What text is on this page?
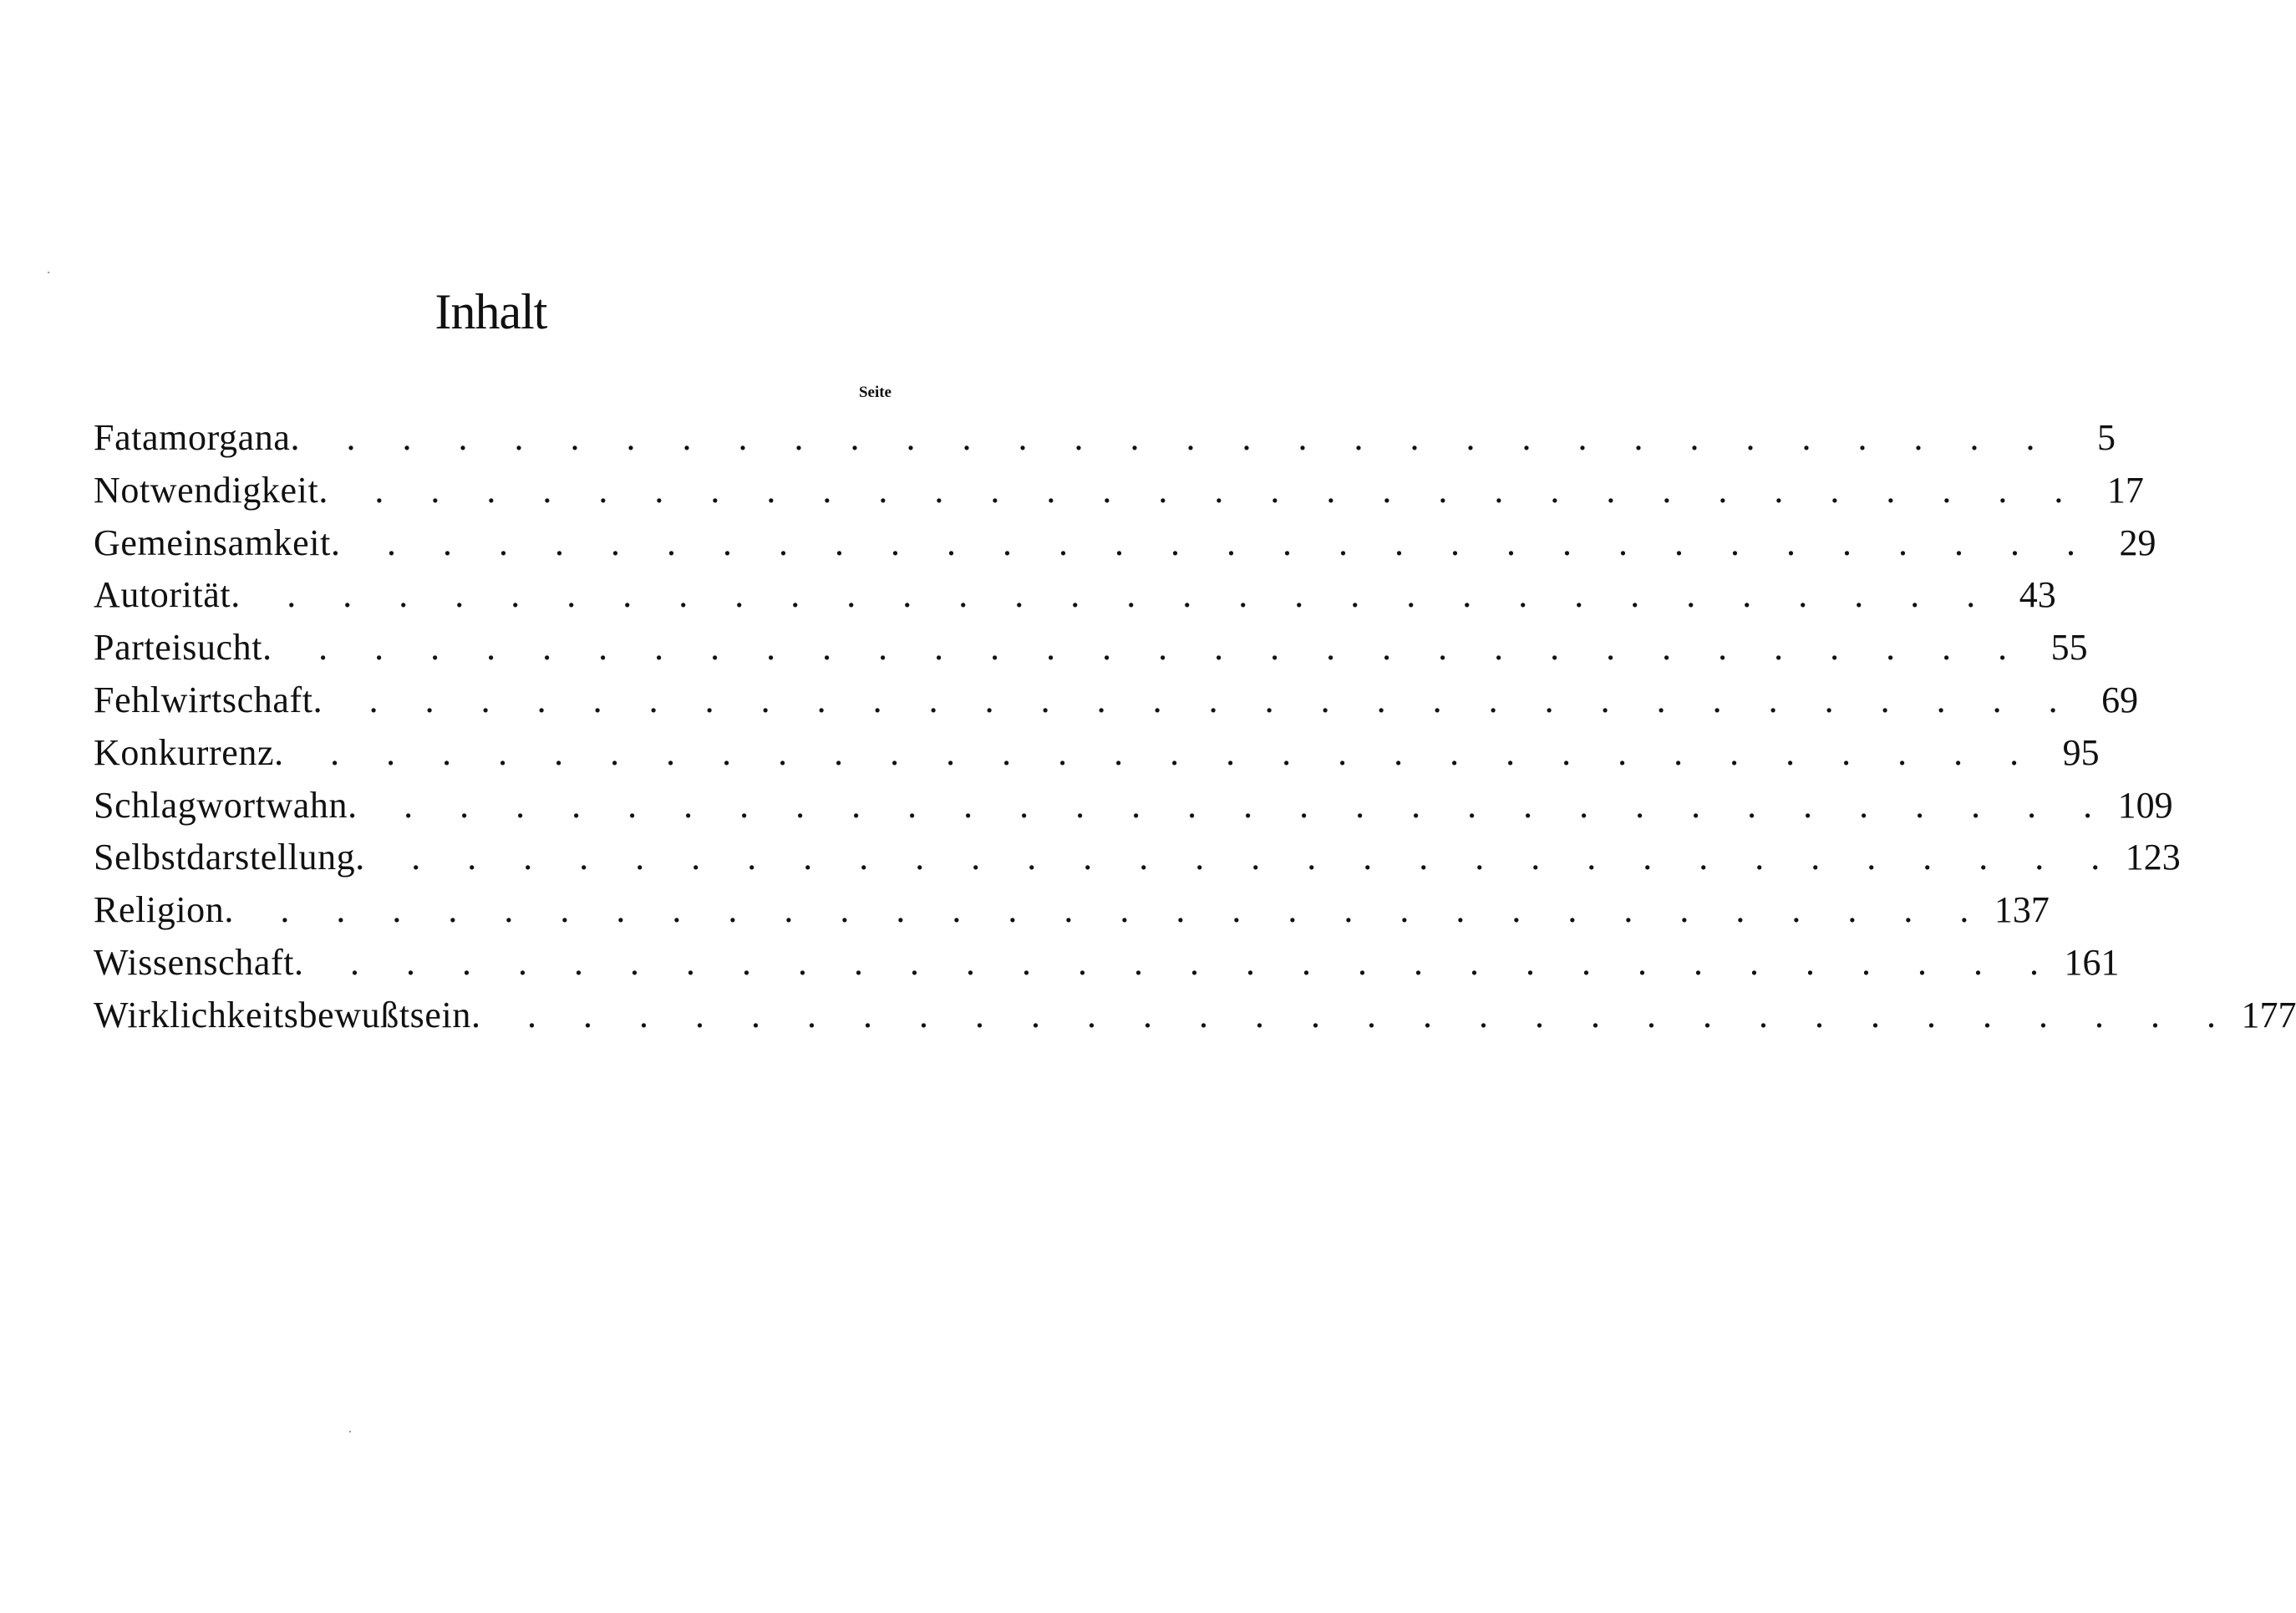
Inhalt
Seite
Fatamorgana . . . . . . . . . . . . . . . . . . . . . . . . . . . . . . . .	5
Notwendigkeit . . . . . . . . . . . . . . . . . . . . . . . . . . . . . . . . 17
Gemeinsamkeit . . . . . . . . . . . . . . . . . . . . . . . . . . . . . . . . 29
Autorität . . . . . . . . . . . . . . . . . . . . . . . . . . . . . . . . 43
Parteisucht . . . . . . . . . . . . . . . . . . . . . . . . . . . . . . . . 55
Fehlwirtschaft . . . . . . . . . . . . . . . . . . . . . . . . . . . . . . . . 69
Konkurrenz . . . . . . . . . . . . . . . . . . . . . . . . . . . . . . . . 95
Schlagwortwahn . . . . . . . . . . . . . . . . . . . . . . . . . . . . . . . . 109
Selbstdarstellung . . . . . . . . . . . . . . . . . . . . . . . . . . . . . . . . 123
Religion . . . . . . . . . . . . . . . . . . . . . . . . . . . . . . . . 137
Wissenschaft . . . . . . . . . . . . . . . . . . . . . . . . . . . . . . . . 161
Wirklichkeitsbewußtsein . . . . . . . . . . . . . . . . . . . . . . . . . . . . . . . . 177
